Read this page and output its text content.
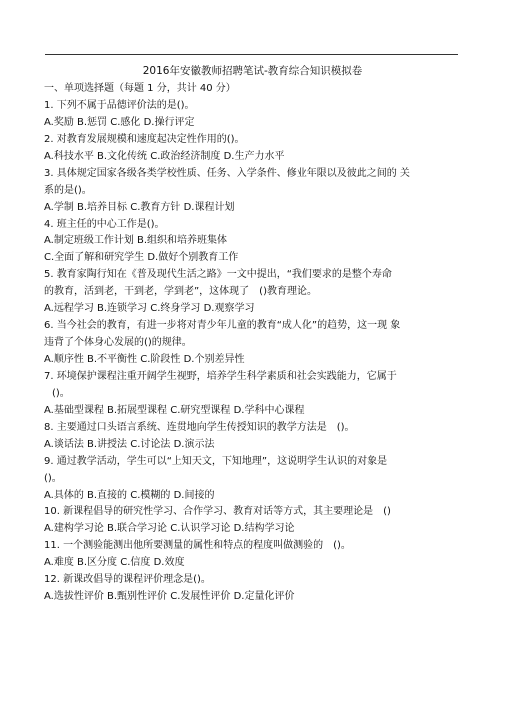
2016年安徽教师招聘笔试-教育综合知识模拟卷
一、单项选择题（每题 1 分，共计 40 分）
1. 下列不属于品德评价法的是()。
A.奖励 B.惩罚 C.感化 D.操行评定
2. 对教育发展规模和速度起决定性作用的()。
A.科技水平 B.文化传统 C.政治经济制度 D.生产力水平
3. 具体规定国家各级各类学校性质、任务、入学条件、修业年限以及彼此之间的 关
系的是()。
A.学制 B.培养目标 C.教育方针 D.课程计划
4. 班主任的中心工作是()。
A.制定班级工作计划 B.组织和培养班集体
C.全面了解和研究学生 D.做好个别教育工作
5. 教育家陶行知在《普及现代生活之路》一文中提出，“我们要求的是整个寿命
的教育，活到老，干到老，学到老”，这体现了　()教育理论。
A.远程学习 B.连锁学习 C.终身学习 D.观察学习
6. 当今社会的教育，有进一步将对青少年儿童的教育“成人化”的趋势，这一现 象
违背了个体身心发展的()的规律。
A.顺序性 B.不平衡性 C.阶段性 D.个别差异性
7. 环境保护课程注重开阔学生视野，培养学生科学素质和社会实践能力，它属于
()。
A.基础型课程 B.拓展型课程 C.研究型课程 D.学科中心课程
8. 主要通过口头语言系统、连贯地向学生传授知识的教学方法是　()。
A.谈话法 B.讲授法 C.讨论法 D.演示法
9. 通过教学活动，学生可以“上知天文，下知地理”，这说明学生认识的对象是
()。
A.具体的 B.直接的 C.模糊的 D.间接的
10. 新课程倡导的研究性学习、合作学习、教育对话等方式，其主要理论是　()
A.建构学习论 B.联合学习论 C.认识学习论 D.结构学习论
11. 一个测验能测出他所要测量的属性和特点的程度叫做测验的　()。
A.难度 B.区分度 C.信度 D.效度
12. 新课改倡导的课程评价理念是()。
A.选拔性评价 B.甄别性评价 C.发展性评价 D.定量化评价
